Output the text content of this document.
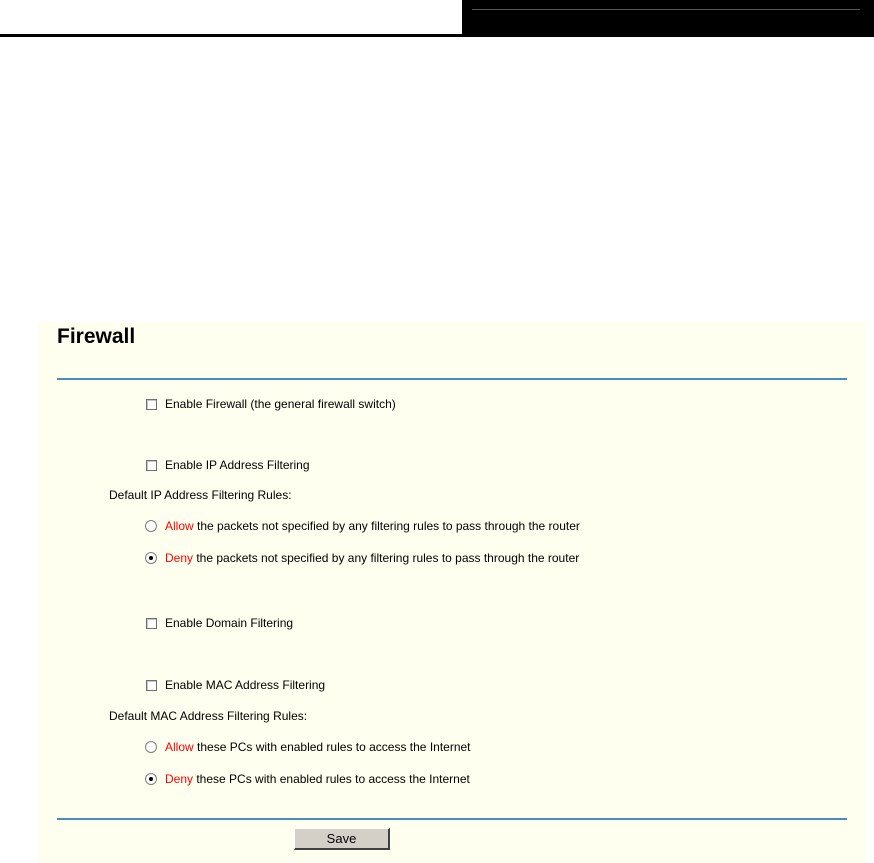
Firewall
Enable Firewall (the general firewall switch)
Enable IP Address Filtering
Default IP Address Filtering Rules:
Allow the packets not specified by any filtering rules to pass through the router
Deny the packets not specified by any filtering rules to pass through the router
Enable Domain Filtering
Enable MAC Address Filtering
Default MAC Address Filtering Rules:
Allow these PCs with enabled rules to access the Internet
Deny these PCs with enabled rules to access the Internet
Save
